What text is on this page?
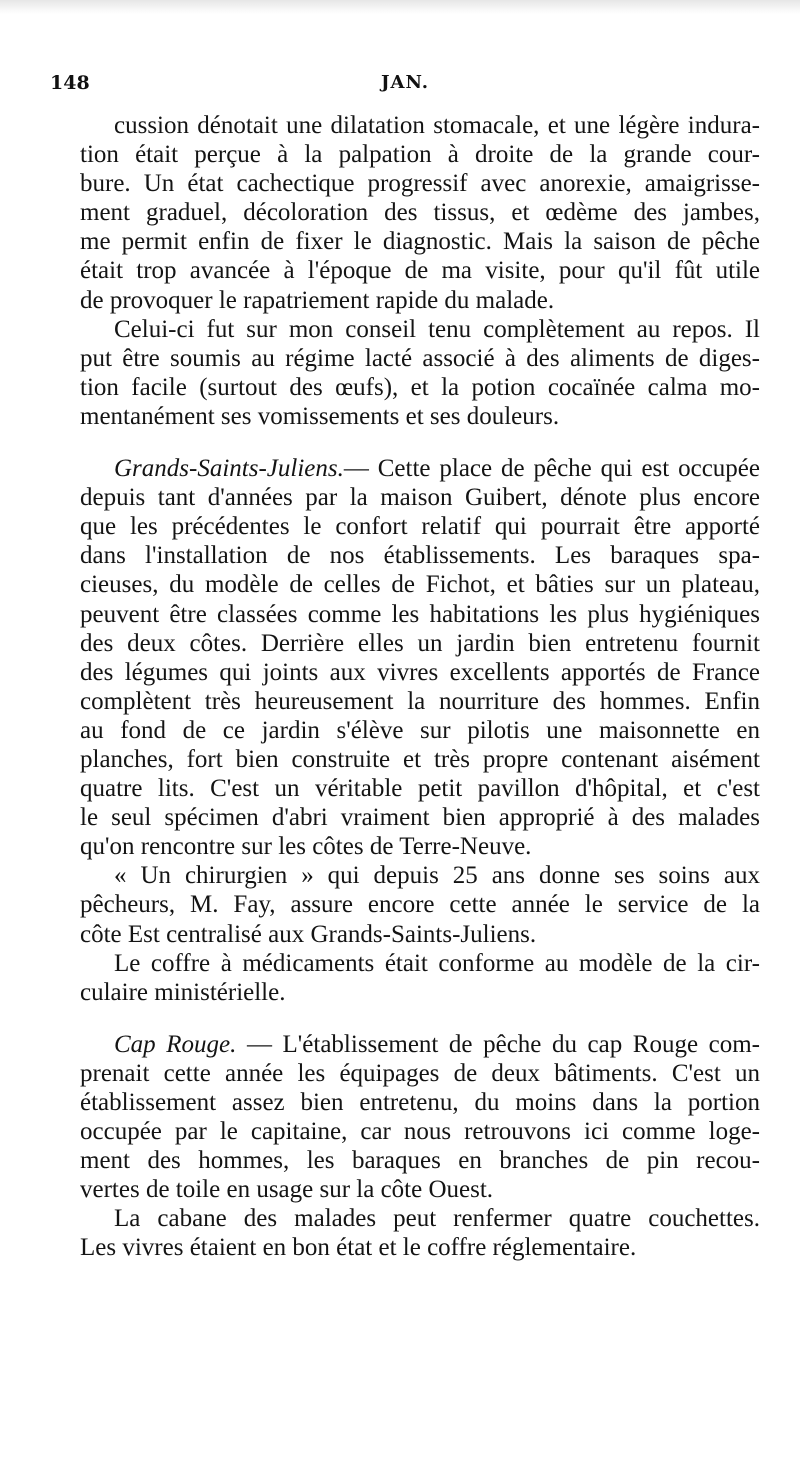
148	JAN.
cussion dénotait une dilatation stomacale, et une légère indura-
tion était perçue à la palpation à droite de la grande cour-
bure. Un état cachectique progressif avec anorexie, amaigrisse-
ment graduel, décoloration des tissus, et œdème des jambes,
me permit enfin de fixer le diagnostic. Mais la saison de pêche
était trop avancée à l'époque de ma visite, pour qu'il fût utile
de provoquer le rapatriement rapide du malade.
Celui-ci fut sur mon conseil tenu complètement au repos. Il
put être soumis au régime lacté associé à des aliments de diges-
tion facile (surtout des œufs), et la potion cocaïnée calma mo-
mentanément ses vomissements et ses douleurs.
Grands-Saints-Juliens.— Cette place de pêche qui est occupée
depuis tant d'années par la maison Guibert, dénote plus encore
que les précédentes le confort relatif qui pourrait être apporté
dans l'installation de nos établissements. Les baraques spa-
cieuses, du modèle de celles de Fichot, et bâties sur un plateau,
peuvent être classées comme les habitations les plus hygiéniques
des deux côtes. Derrière elles un jardin bien entretenu fournit
des légumes qui joints aux vivres excellents apportés de France
complètent très heureusement la nourriture des hommes. Enfin
au fond de ce jardin s'élève sur pilotis une maisonnette en
planches, fort bien construite et très propre contenant aisément
quatre lits. C'est un véritable petit pavillon d'hôpital, et c'est
le seul spécimen d'abri vraiment bien approprié à des malades
qu'on rencontre sur les côtes de Terre-Neuve.
« Un chirurgien » qui depuis 25 ans donne ses soins aux
pêcheurs, M. Fay, assure encore cette année le service de la
côte Est centralisé aux Grands-Saints-Juliens.
Le coffre à médicaments était conforme au modèle de la cir-
culaire ministérielle.
Cap Rouge. — L'établissement de pêche du cap Rouge com-
prenait cette année les équipages de deux bâtiments. C'est un
établissement assez bien entretenu, du moins dans la portion
occupée par le capitaine, car nous retrouvons ici comme loge-
ment des hommes, les baraques en branches de pin recou-
vertes de toile en usage sur la côte Ouest.
La cabane des malades peut renfermer quatre couchettes.
Les vivres étaient en bon état et le coffre réglementaire.
